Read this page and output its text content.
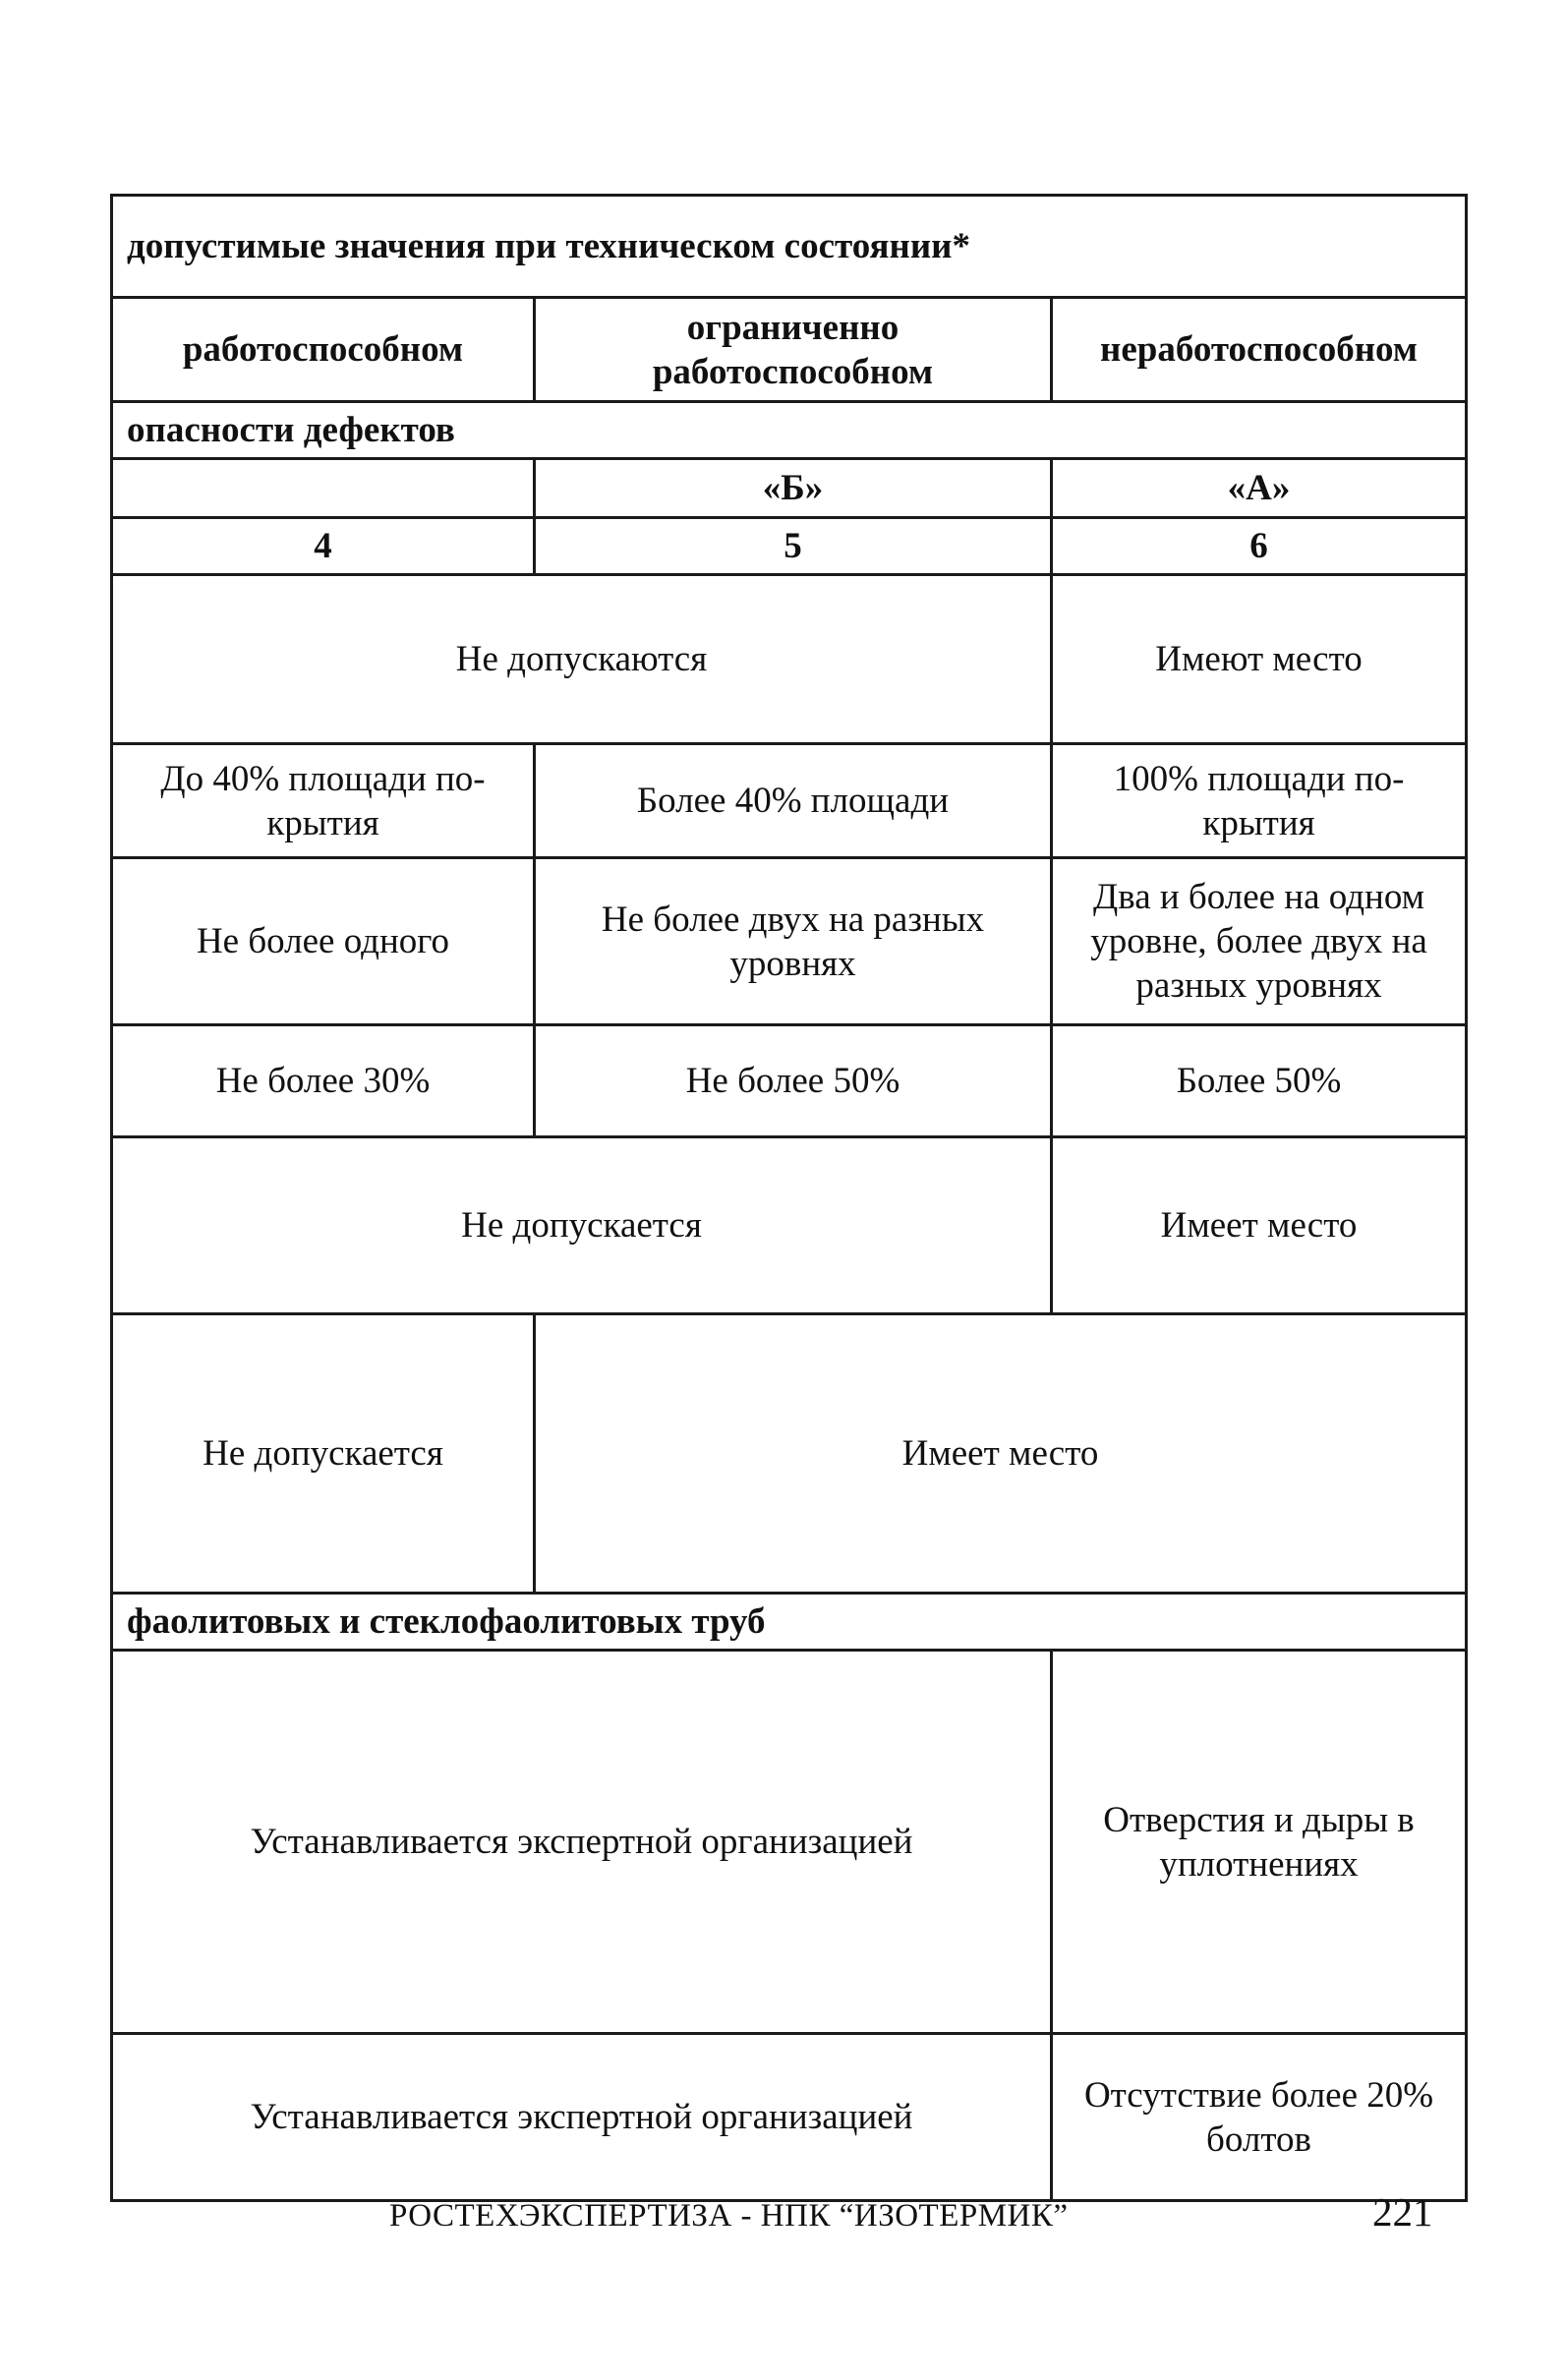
допустимые значения при техническом состоянии*		
работоспособном	ограниченно работоспособном	неработоспособном
опасности дефектов		
	«Б»	«А»
4	5	6
Не допускаются		Имеют место
До 40% площади по-крытия	Более 40% площади	100% площади по-крытия
Не более одного	Не более двух на разных уровнях	Два и более на одном уровне, более двух на разных уровнях
Не более 30%	Не более 50%	Более 50%
Не допускается		Имеет место
Не допускается	Имеет место	
фаолитовых и стеклофаолитовых труб		
Устанавливается экспертной организацией		Отверстия и дыры в уплотнениях
Устанавливается экспертной организацией		Отсутствие более 20% болтов
РОСТЕХЭКСПЕРТИЗА - НПК “ИЗОТЕРМИК”	221
